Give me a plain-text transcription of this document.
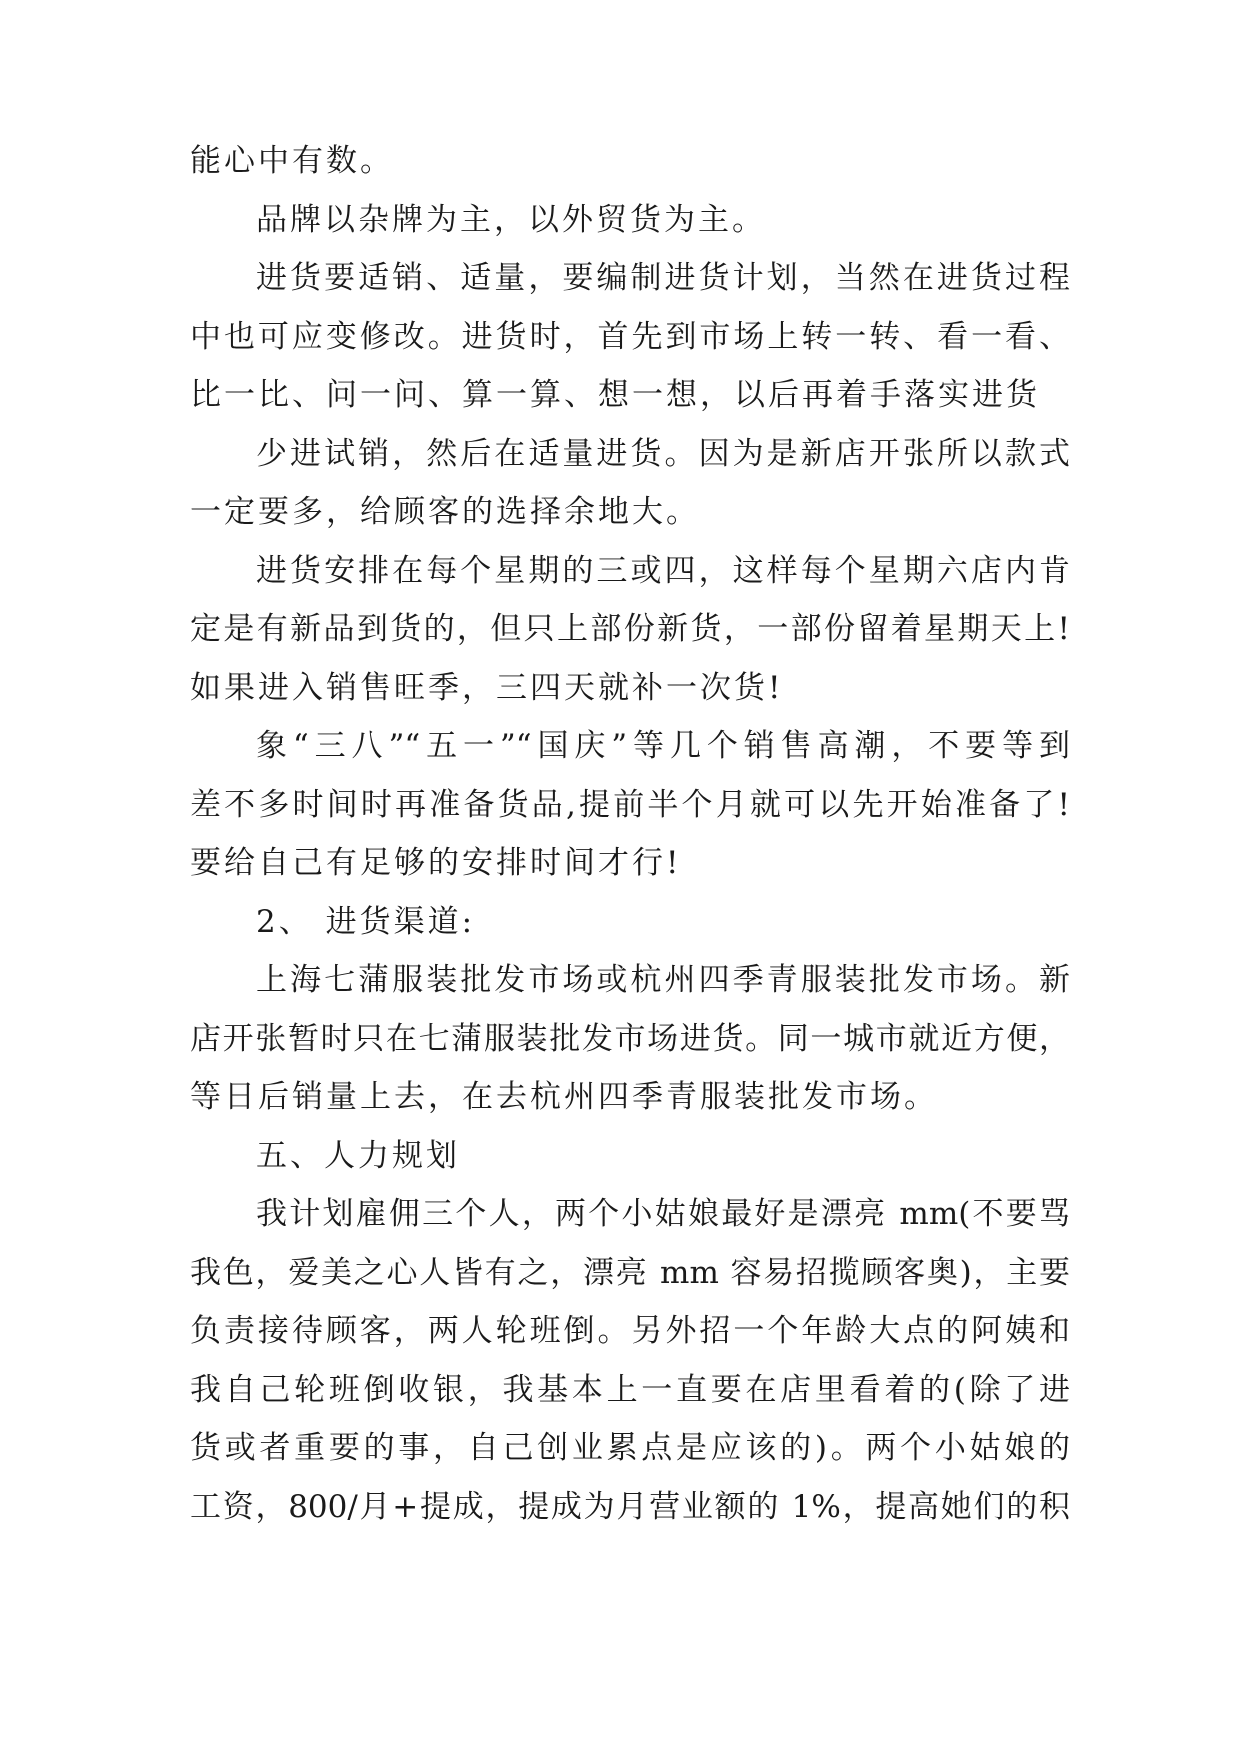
能心中有数。
品牌以杂牌为主，以外贸货为主。
进货要适销、适量，要编制进货计划，当然在进货过程
中也可应变修改。进货时，首先到市场上转一转、看一看、
比一比、问一问、算一算、想一想，以后再着手落实进货
少进试销，然后在适量进货。因为是新店开张所以款式
一定要多，给顾客的选择余地大。
进货安排在每个星期的三或四，这样每个星期六店内肯
定是有新品到货的，但只上部份新货，一部份留着星期天上!
如果进入销售旺季，三四天就补一次货!
象“三八”“五一”“国庆”等几个销售高潮，不要等到
差不多时间时再准备货品,提前半个月就可以先开始准备了!
要给自己有足够的安排时间才行!
2、 进货渠道:
上海七蒲服装批发市场或杭州四季青服装批发市场。新
店开张暂时只在七蒲服装批发市场进货。同一城市就近方便，
等日后销量上去，在去杭州四季青服装批发市场。
五、人力规划
我计划雇佣三个人，两个小姑娘最好是漂亮 mm(不要骂
我色，爱美之心人皆有之，漂亮 mm 容易招揽顾客奥)，主要
负责接待顾客，两人轮班倒。另外招一个年龄大点的阿姨和
我自己轮班倒收银，我基本上一直要在店里看着的(除了进
货或者重要的事，自己创业累点是应该的)。两个小姑娘的
工资，800/月+提成，提成为月营业额的 1%，提高她们的积
